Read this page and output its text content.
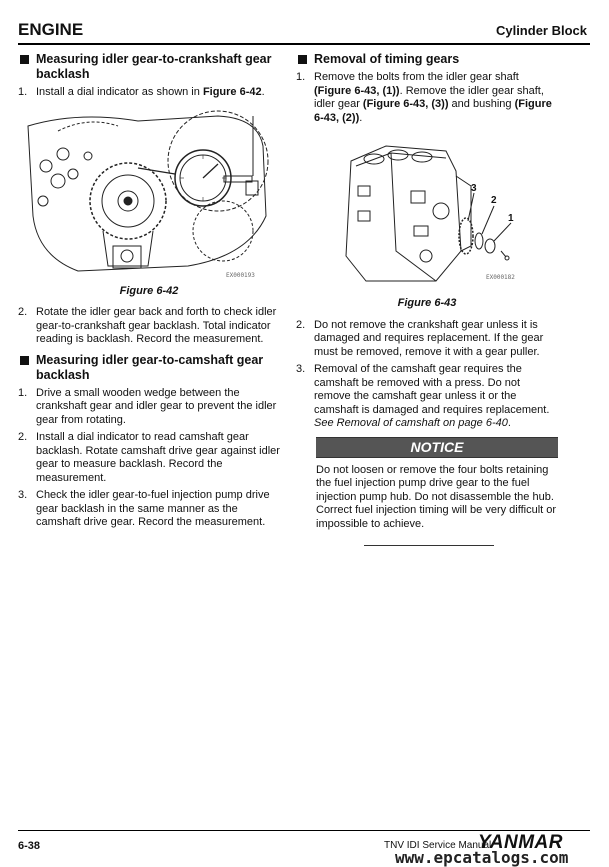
ENGINE	Cylinder Block
Measuring idler gear-to-crankshaft gear backlash
1. Install a dial indicator as shown in Figure 6-42.
EX000193
Figure 6-42
2. Rotate the idler gear back and forth to check idler gear-to-crankshaft gear backlash. Total indicator reading is backlash. Record the measurement.
Measuring idler gear-to-camshaft gear backlash
1. Drive a small wooden wedge between the crankshaft gear and idler gear to prevent the idler gear from rotating.
2. Install a dial indicator to read camshaft gear backlash. Rotate camshaft drive gear against idler gear to measure backlash. Record the measurement.
3. Check the idler gear-to-fuel injection pump drive gear backlash in the same manner as the camshaft drive gear. Record the measurement.
Removal of timing gears
1. Remove the bolts from the idler gear shaft (Figure 6-43, (1)). Remove the idler gear shaft, idler gear (Figure 6-43, (3)) and bushing (Figure 6-43, (2)).
3
2
1
EX000182
Figure 6-43
2. Do not remove the crankshaft gear unless it is damaged and requires replacement. If the gear must be removed, remove it with a gear puller.
3. Removal of the camshaft gear requires the camshaft be removed with a press. Do not remove the camshaft gear unless it or the camshaft is damaged and requires replacement. See Removal of camshaft on page 6-40.
NOTICE
Do not loosen or remove the four bolts retaining the fuel injection pump drive gear to the fuel injection pump hub. Do not disassemble the hub. Correct fuel injection timing will be very difficult or impossible to achieve.
6-38	TNV IDI Service Manual
YANMAR
www.epcatalogs.com
